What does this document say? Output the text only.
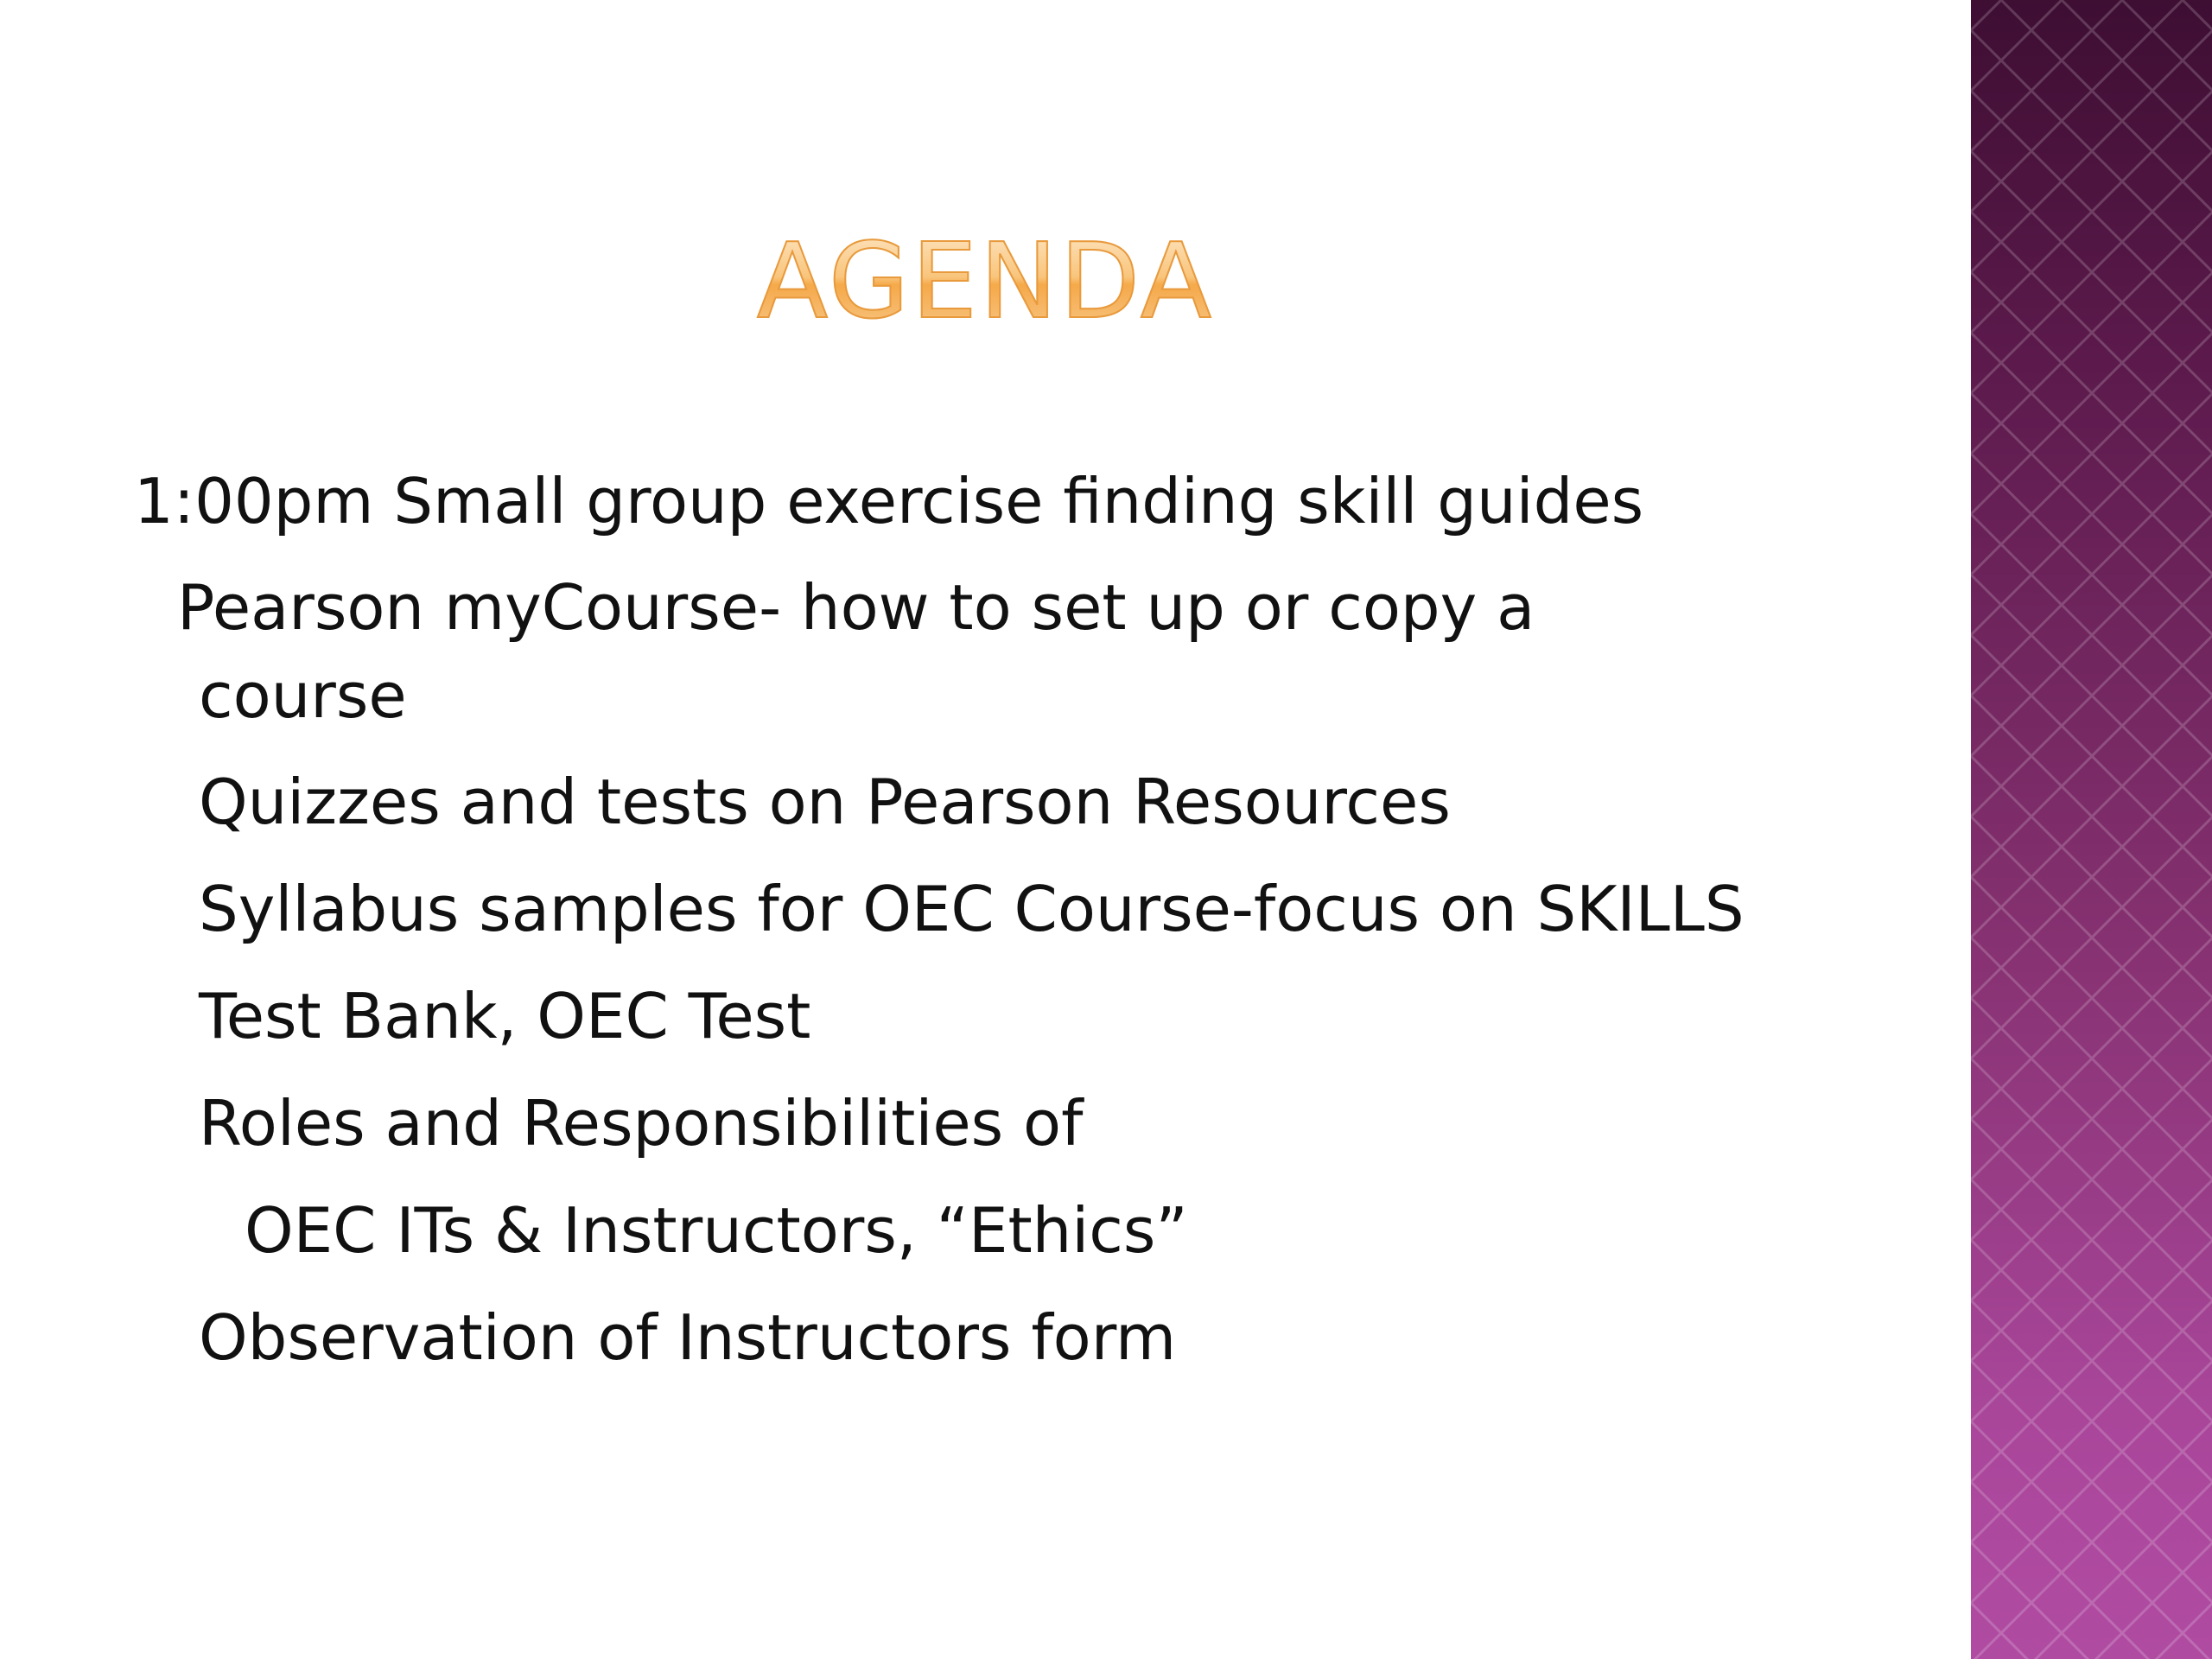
AGENDA
1:00pm Small group exercise finding skill guides
Pearson myCourse- how to set up or copy a
course
Quizzes and tests on Pearson Resources
Syllabus samples for OEC Course-focus on SKILLS
Test Bank, OEC Test
Roles and Responsibilities of
OEC ITs & Instructors, “Ethics”
Observation of Instructors form
